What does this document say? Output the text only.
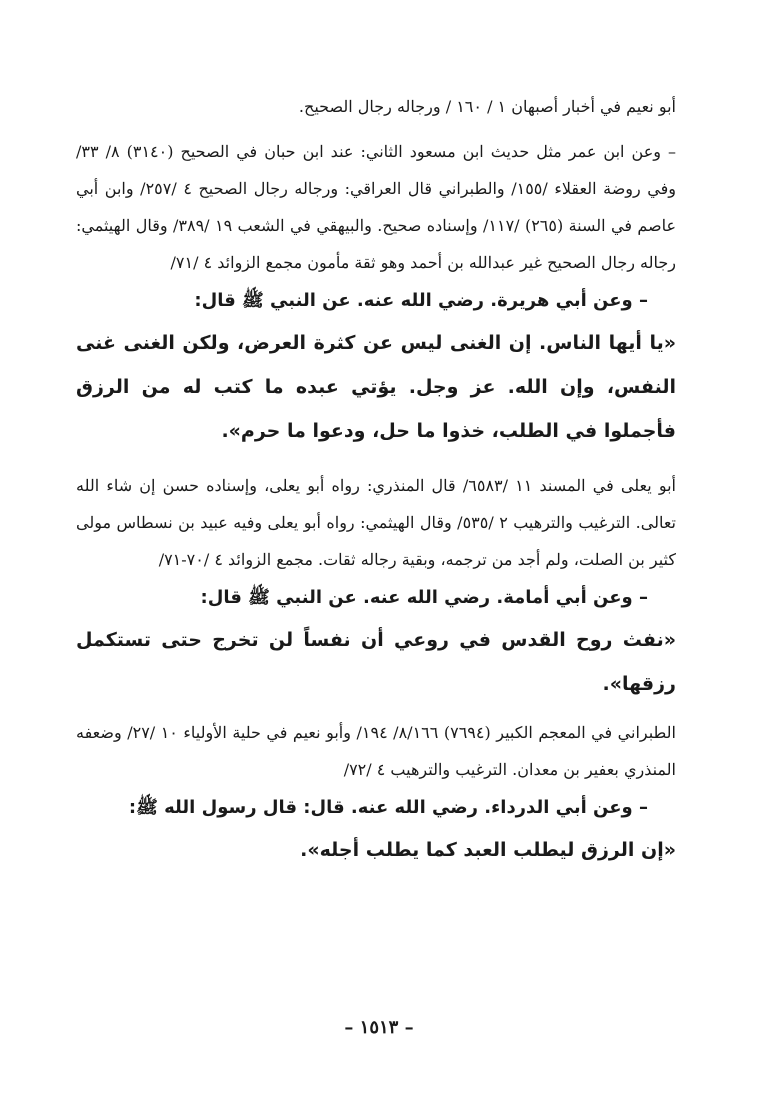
أبو نعيم في أخبار أصبهان ١ / ١٦٠ / ورجاله رجال الصحيح.

– وعن ابن عمر مثل حديث ابن مسعود الثاني: عند ابن حبان في الصحيح (٣١٤٠) ٨/ ٣٣/ وفي روضة العقلاء /١٥٥/ والطبراني قال العراقي: ورجاله رجال الصحيح ٤ /٢٥٧/ وابن أبي عاصم في السنة (٢٦٥) /١١٧/ وإسناده صحيح. والبيهقي في الشعب ١٩ /٣٨٩/ وقال الهيثمي: رجاله رجال الصحيح غير عبدالله بن أحمد وهو ثقة مأمون مجمع الزوائد ٤ /٧١/

– وعن أبي هريرة. رضي الله عنه. عن النبي ﷺ قال:

«يا أيها الناس. إن الغنى ليس عن كثرة العرض، ولكن الغنى غنى النفس، وإن الله. عز وجل. يؤتي عبده ما كتب له من الرزق فأجملوا في الطلب، خذوا ما حل، ودعوا ما حرم».

أبو يعلى في المسند ١١ /٦٥٨٣/ قال المنذري: رواه أبو يعلى، وإسناده حسن إن شاء الله تعالى. الترغيب والترهيب ٢ /٥٣٥/ وقال الهيثمي: رواه أبو يعلى وفيه عبيد بن نسطاس مولى كثير بن الصلت، ولم أجد من ترجمه، وبقية رجاله ثقات. مجمع الزوائد ٤ /٧٠-٧١/

– وعن أبي أمامة. رضي الله عنه. عن النبي ﷺ قال:

«نفث روح القدس في روعي أن نفساً لن تخرج حتى تستكمل رزقها».

الطبراني في المعجم الكبير (٧٦٩٤) ٨/١٦٦/ ١٩٤/ وأبو نعيم في حلية الأولياء ١٠ /٢٧/ وضعفه المنذري بعفير بن معدان. الترغيب والترهيب ٤ /٧٢/

– وعن أبي الدرداء. رضي الله عنه. قال: قال رسول الله ﷺ:

«إن الرزق ليطلب العبد كما يطلب أجله».

– ١٥١٣ –
